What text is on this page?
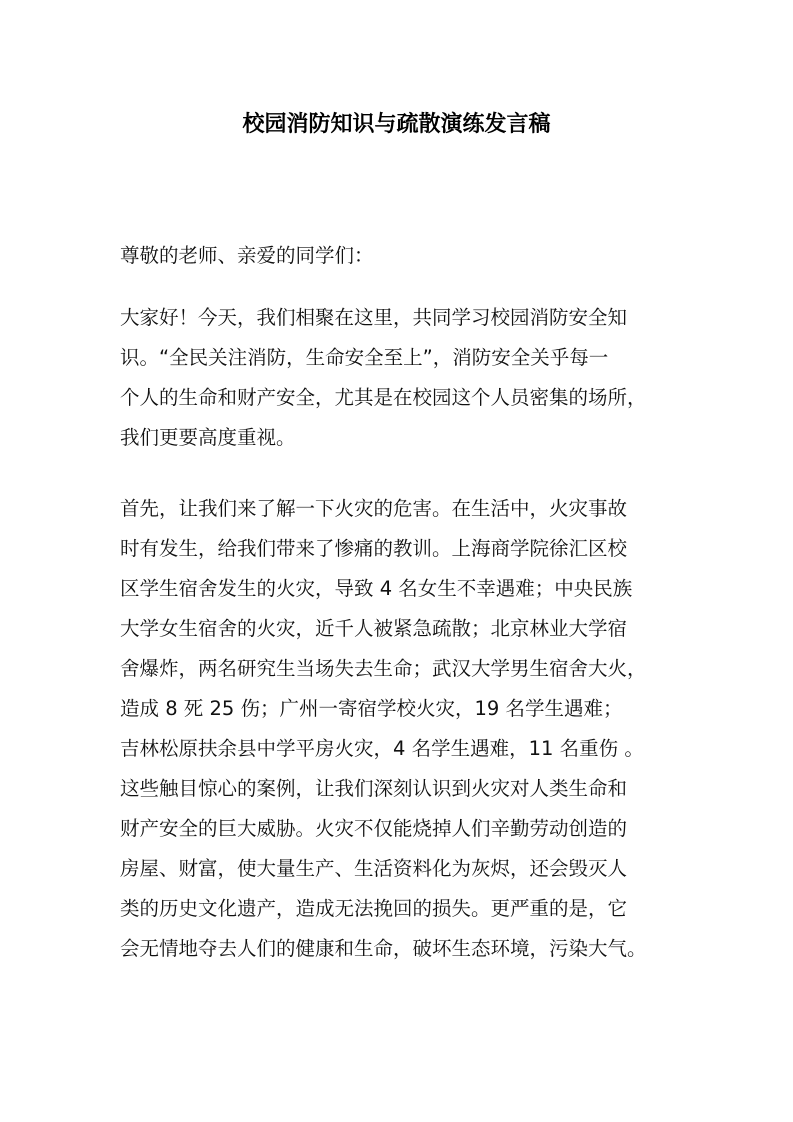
校园消防知识与疏散演练发言稿
尊敬的老师、亲爱的同学们：
大家好！今天，我们相聚在这里，共同学习校园消防安全知
识。“全民关注消防，生命安全至上”，消防安全关乎每一
个人的生命和财产安全，尤其是在校园这个人员密集的场所，
我们更要高度重视。
首先，让我们来了解一下火灾的危害。在生活中，火灾事故
时有发生，给我们带来了惨痛的教训。上海商学院徐汇区校
区学生宿舍发生的火灾，导致 4 名女生不幸遇难；中央民族
大学女生宿舍的火灾，近千人被紧急疏散；北京林业大学宿
舍爆炸，两名研究生当场失去生命；武汉大学男生宿舍大火，
造成 8 死 25 伤；广州一寄宿学校火灾，19 名学生遇难；
吉林松原扶余县中学平房火灾，4 名学生遇难，11 名重伤 。
这些触目惊心的案例，让我们深刻认识到火灾对人类生命和
财产安全的巨大威胁。火灾不仅能烧掉人们辛勤劳动创造的
房屋、财富，使大量生产、生活资料化为灰烬，还会毁灭人
类的历史文化遗产，造成无法挽回的损失。更严重的是，它
会无情地夺去人们的健康和生命，破坏生态环境，污染大气。
